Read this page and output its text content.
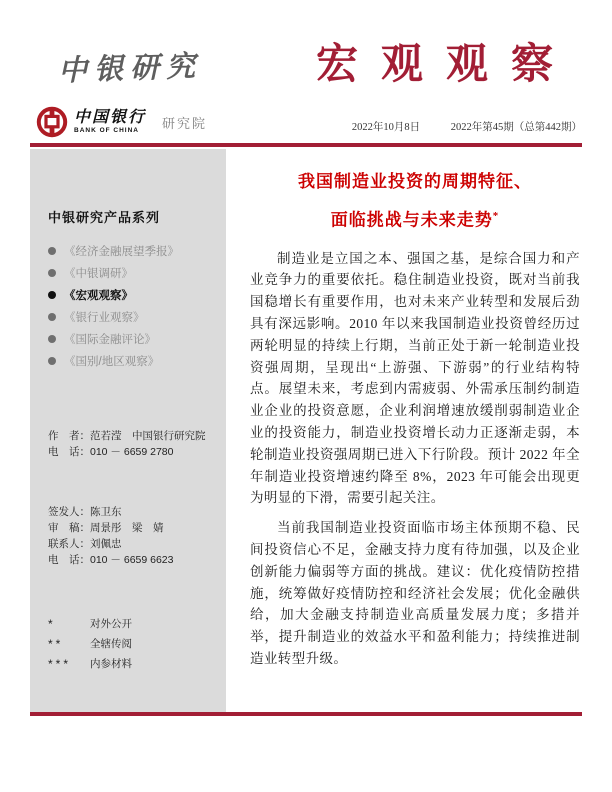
中银研究	宏观观察
中国银行
BANK OF CHINA	研究院	2022年10月8日	2022年第45期（总第442期）
中银研究产品系列
《经济金融展望季报》
《中银调研》
《宏观观察》
《银行业观察》
《国际金融评论》
《国别/地区观察》
作　者： 范若滢　中国银行研究院
电　话： 010 － 6659 2780
签发人： 陈卫东
审　稿： 周景彤　梁　婧
联系人： 刘佩忠
电　话： 010 － 6659 6623
*	对外公开
**	全辖传阅
***	内参材料
我国制造业投资的周期特征、
面临挑战与未来走势*

制造业是立国之本、强国之基，是综合国力和产业竞争力的重要依托。稳住制造业投资，既对当前我国稳增长有重要作用，也对未来产业转型和发展后劲具有深远影响。2010 年以来我国制造业投资曾经历过两轮明显的持续上行期，当前正处于新一轮制造业投资强周期，呈现出“上游强、下游弱”的行业结构特点。展望未来，考虑到内需疲弱、外需承压制约制造业企业的投资意愿，企业利润增速放缓削弱制造业企业的投资能力，制造业投资增长动力正逐渐走弱，本轮制造业投资强周期已进入下行阶段。预计 2022 年全年制造业投资增速约降至 8%，2023 年可能会出现更为明显的下滑，需要引起关注。

当前我国制造业投资面临市场主体预期不稳、民间投资信心不足，金融支持力度有待加强，以及企业创新能力偏弱等方面的挑战。建议：优化疫情防控措施，统筹做好疫情防控和经济社会发展；优化金融供给，加大金融支持制造业高质量发展力度；多措并举，提升制造业的效益水平和盈利能力；持续推进制造业转型升级。
